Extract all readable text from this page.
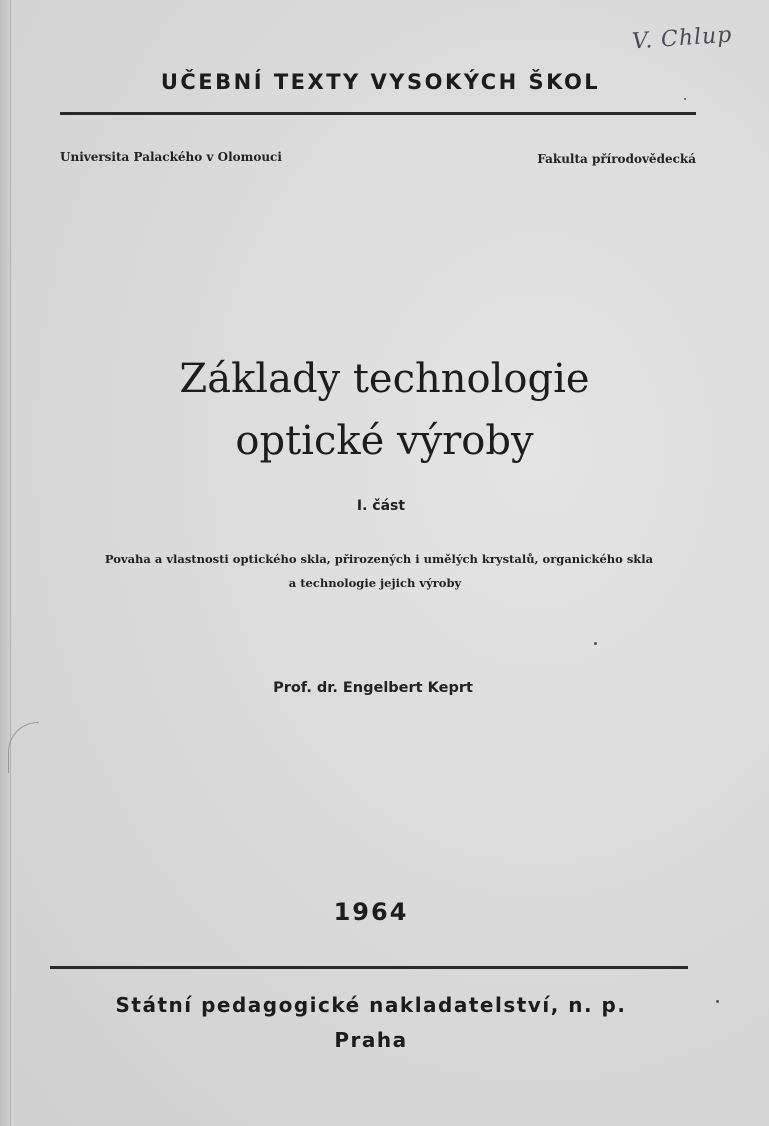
V. Chlup
UČEBNÍ TEXTY VYSOKÝCH ŠKOL
Universita Palackého v Olomouci	Fakulta přírodovědecká
Základy technologie
optické výroby
I. část
Povaha a vlastnosti optického skla, přirozených i umělých krystalů, organického skla
a technologie jejich výroby
Prof. dr. Engelbert Keprt
1964
Státní pedagogické nakladatelství, n. p.
Praha
